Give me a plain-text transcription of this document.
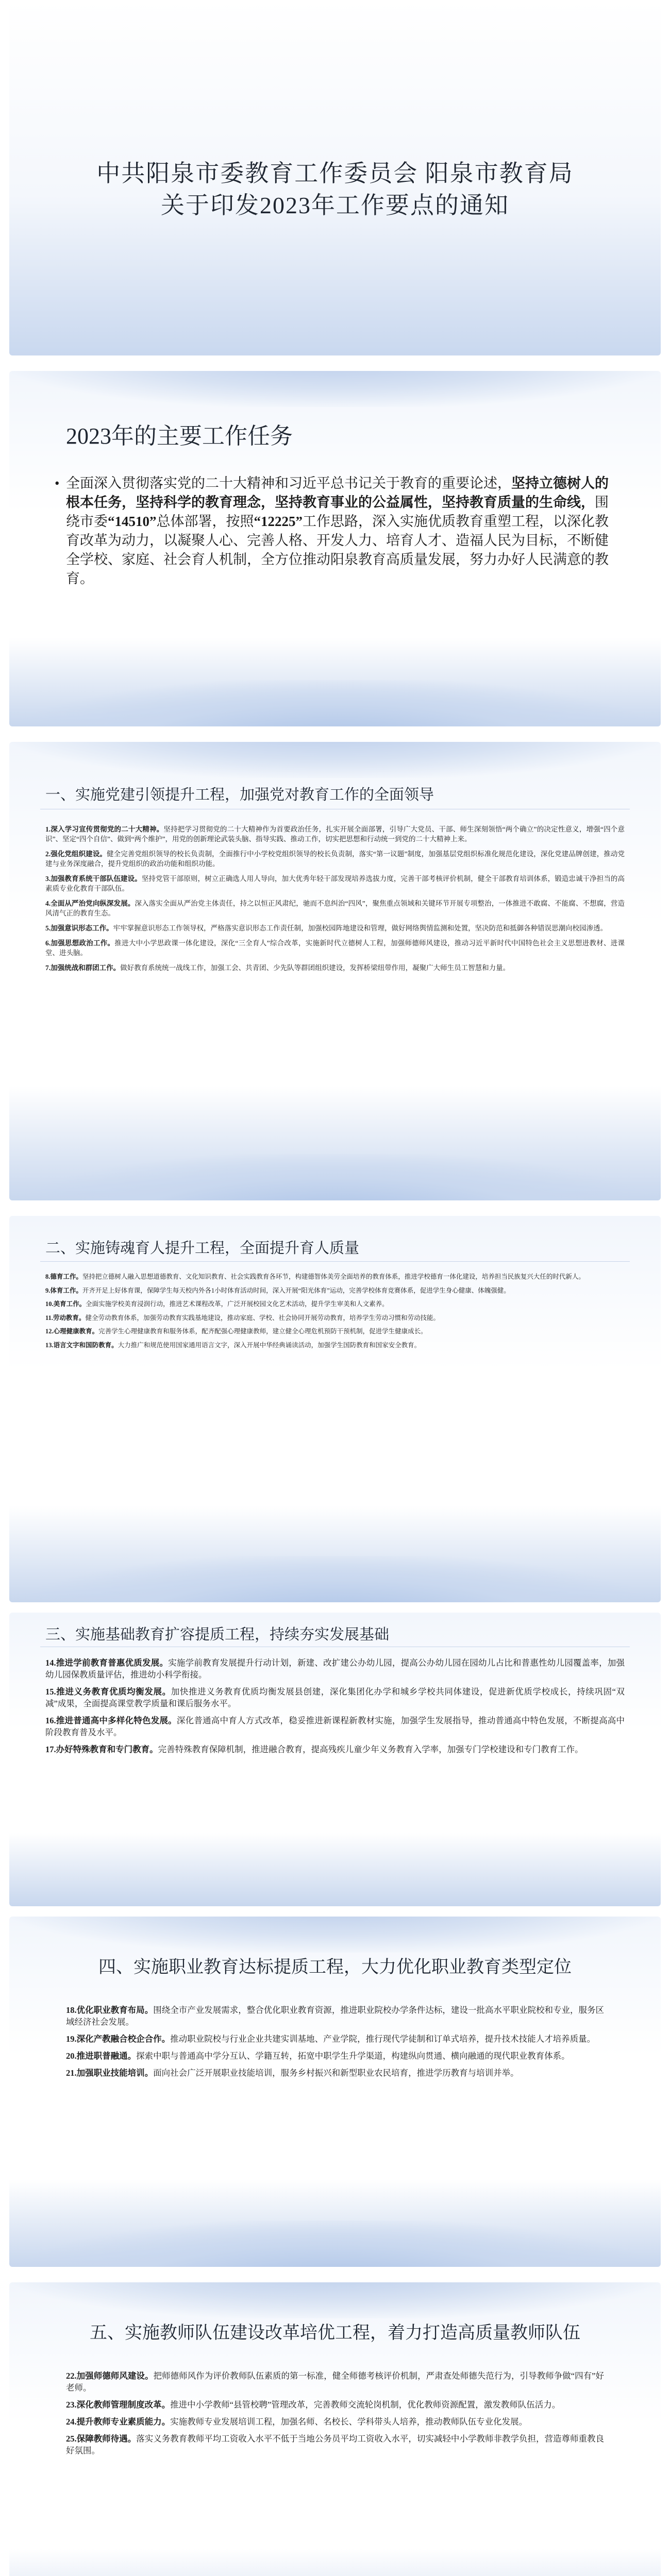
中共阳泉市委教育工作委员会 阳泉市教育局
关于印发2023年工作要点的通知
2023年的主要工作任务
• 全面深入贯彻落实党的二十大精神和习近平总书记关于教育的重要论述，坚持立德树人的根本任务，坚持科学的教育理念，坚持教育事业的公益属性，坚持教育质量的生命线，围绕市委“14510”总体部署，按照“12225”工作思路，深入实施优质教育重塑工程，以深化教育改革为动力，以凝聚人心、完善人格、开发人力、培育人才、造福人民为目标，不断健全学校、家庭、社会育人机制，全方位推动阳泉教育高质量发展，努力办好人民满意的教育。
一、实施党建引领提升工程，加强党对教育工作的全面领导
1.深入学习宣传贯彻党的二十大精神。坚持把学习贯彻党的二十大精神作为首要政治任务，扎实开展全面部署，引导广大党员、干部、师生深刻领悟“两个确立”的决定性意义，增强“四个意识”、坚定“四个自信”、做到“两个维护”，用党的创新理论武装头脑、指导实践、推动工作，切实把思想和行动统一到党的二十大精神上来。
2.强化党组织建设。健全完善党组织领导的校长负责制，全面推行中小学校党组织领导的校长负责制，落实“第一议题”制度，加强基层党组织标准化规范化建设，深化党建品牌创建，推动党建与业务深度融合，提升党组织的政治功能和组织功能。
3.加强教育系统干部队伍建设。坚持党管干部原则，树立正确选人用人导向，加大优秀年轻干部发现培养选拔力度，完善干部考核评价机制，健全干部教育培训体系，锻造忠诚干净担当的高素质专业化教育干部队伍。
4.全面从严治党向纵深发展。深入落实全面从严治党主体责任，持之以恒正风肃纪，驰而不息纠治“四风”，聚焦重点领域和关键环节开展专项整治，一体推进不敢腐、不能腐、不想腐，营造风清气正的教育生态。
5.加强意识形态工作。牢牢掌握意识形态工作领导权，严格落实意识形态工作责任制，加强校园阵地建设和管理，做好网络舆情监测和处置，坚决防范和抵御各种错误思潮向校园渗透。
6.加强思想政治工作。推进大中小学思政课一体化建设，深化“三全育人”综合改革，实施新时代立德树人工程，加强师德师风建设，推动习近平新时代中国特色社会主义思想进教材、进课堂、进头脑。
7.加强统战和群团工作。做好教育系统统一战线工作，加强工会、共青团、少先队等群团组织建设，发挥桥梁纽带作用，凝聚广大师生员工智慧和力量。
二、实施铸魂育人提升工程，全面提升育人质量
8.德育工作。坚持把立德树人融入思想道德教育、文化知识教育、社会实践教育各环节，构建德智体美劳全面培养的教育体系，推进学校德育一体化建设，培养担当民族复兴大任的时代新人。
9.体育工作。开齐开足上好体育课，保障学生每天校内外各1小时体育活动时间，深入开展“阳光体育”运动，完善学校体育竞赛体系，促进学生身心健康、体魄强健。
10.美育工作。全面实施学校美育浸润行动，推进艺术课程改革，广泛开展校园文化艺术活动，提升学生审美和人文素养。
11.劳动教育。健全劳动教育体系，加强劳动教育实践基地建设，推动家庭、学校、社会协同开展劳动教育，培养学生劳动习惯和劳动技能。
12.心理健康教育。完善学生心理健康教育和服务体系，配齐配强心理健康教师，建立健全心理危机预防干预机制，促进学生健康成长。
13.语言文字和国防教育。大力推广和规范使用国家通用语言文字，深入开展中华经典诵读活动，加强学生国防教育和国家安全教育。
三、实施基础教育扩容提质工程，持续夯实发展基础
14.推进学前教育普惠优质发展。实施学前教育发展提升行动计划，新建、改扩建公办幼儿园，提高公办幼儿园在园幼儿占比和普惠性幼儿园覆盖率，加强幼儿园保教质量评估，推进幼小科学衔接。
15.推进义务教育优质均衡发展。加快推进义务教育优质均衡发展县创建，深化集团化办学和城乡学校共同体建设，促进新优质学校成长，持续巩固“双减”成果，全面提高课堂教学质量和课后服务水平。
16.推进普通高中多样化特色发展。深化普通高中育人方式改革，稳妥推进新课程新教材实施，加强学生发展指导，推动普通高中特色发展，不断提高高中阶段教育普及水平。
17.办好特殊教育和专门教育。完善特殊教育保障机制，推进融合教育，提高残疾儿童少年义务教育入学率，加强专门学校建设和专门教育工作。
四、实施职业教育达标提质工程，大力优化职业教育类型定位
18.优化职业教育布局。围绕全市产业发展需求，整合优化职业教育资源，推进职业院校办学条件达标，建设一批高水平职业院校和专业，服务区域经济社会发展。
19.深化产教融合校企合作。推动职业院校与行业企业共建实训基地、产业学院，推行现代学徒制和订单式培养，提升技术技能人才培养质量。
20.推进职普融通。探索中职与普通高中学分互认、学籍互转，拓宽中职学生升学渠道，构建纵向贯通、横向融通的现代职业教育体系。
21.加强职业技能培训。面向社会广泛开展职业技能培训，服务乡村振兴和新型职业农民培育，推进学历教育与培训并举。
五、实施教师队伍建设改革培优工程，着力打造高质量教师队伍
22.加强师德师风建设。把师德师风作为评价教师队伍素质的第一标准，健全师德考核评价机制，严肃查处师德失范行为，引导教师争做“四有”好老师。
23.深化教师管理制度改革。推进中小学教师“县管校聘”管理改革，完善教师交流轮岗机制，优化教师资源配置，激发教师队伍活力。
24.提升教师专业素质能力。实施教师专业发展培训工程，加强名师、名校长、学科带头人培养，推动教师队伍专业化发展。
25.保障教师待遇。落实义务教育教师平均工资收入水平不低于当地公务员平均工资收入水平，切实减轻中小学教师非教学负担，营造尊师重教良好氛围。
